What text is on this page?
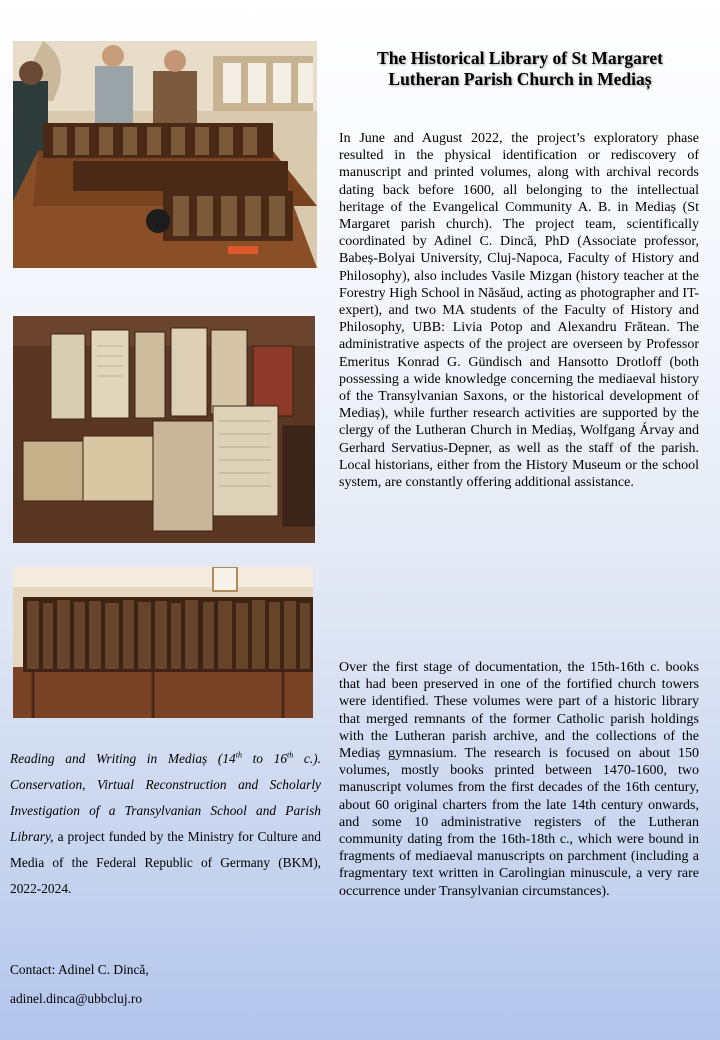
The Historical Library of St Margaret
Lutheran Parish Church in Mediaș

In June and August 2022, the project’s exploratory phase resulted in the physical identification or rediscovery of manuscript and printed volumes, along with archival records dating back before 1600, all belonging to the intellectual heritage of the Evangelical Community A. B. in Mediaș (St Margaret parish church). The project team, scientifically coordinated by Adinel C. Dincă, PhD (Associate professor, Babeș-Bolyai University, Cluj-Napoca, Faculty of History and Philosophy), also includes Vasile Mizgan (history teacher at the Forestry High School in Năsăud, acting as photographer and IT-expert), and two MA students of the Faculty of History and Philosophy, UBB: Livia Potop and Alexandru Frătean. The administrative aspects of the project are overseen by Professor Emeritus Konrad G. Gündisch and Hansotto Drotloff (both possessing a wide knowledge concerning the mediaeval history of the Transylvanian Saxons, or the historical development of Mediaș), while further research activities are supported by the clergy of the Lutheran Church in Mediaș, Wolfgang Árvay and Gerhard Servatius-Depner, as well as the staff of the parish. Local historians, either from the History Museum or the school system, are constantly offering additional assistance.

Over the first stage of documentation, the 15th-16th c. books that had been preserved in one of the fortified church towers were identified. These volumes were part of a historic library that merged remnants of the former Catholic parish holdings with the Lutheran parish archive, and the collections of the Mediaș gymnasium. The research is focused on about 150 volumes, mostly books printed between 1470-1600, two manuscript volumes from the first decades of the 16th century, about 60 original charters from the late 14th century onwards, and some 10 administrative registers of the Lutheran community dating from the 16th-18th c., which were bound in fragments of mediaeval manuscripts on parchment (including a fragmentary text written in Carolingian minuscule, a very rare occurrence under Transylvanian circumstances).

Reading and Writing in Mediaș (14th to 16th c.). Conservation, Virtual Reconstruction and Scholarly Investigation of a Transylvanian School and Parish Library, a project funded by the Ministry for Culture and Media of the Federal Republic of Germany (BKM), 2022-2024.

Contact: Adinel C. Dincă,
adinel.dinca@ubbcluj.ro
